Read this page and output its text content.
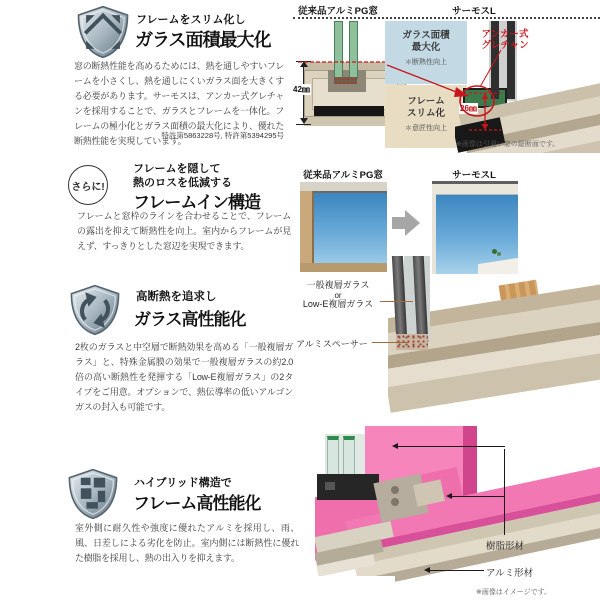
フレームをスリム化し
ガラス面積最大化
窓の断熱性能を高めるためには、熱を通しやすいフレームを小さくし、熱を通しにくいガラス面を大きくする必要があります。サーモスは、アンカー式グレチャンを採用することで、ガラスとフレームを一体化。フレームの極小化とガラス面積の最大化により、優れた断熱性能を実現しています。
特許第5863228号, 特許第5394295号
従来品アルミPG窓	サーモスL
42㎜
ガラス面積
最大化
＊断熱性向上
フレーム
スリム化
＊意匠性向上
アンカー式
グレチャン
26㎜
※画像は引違い窓の縦断面です。
さらに!
フレームを隠して
熱のロスを低減する
フレームイン構造
フレームと窓枠のラインを合わせることで、フレームの露出を抑えて断熱性を向上。室内からフレームが見えず、すっきりとした窓辺を実現できます。
従来品アルミPG窓	サーモスL
高断熱を追求し
ガラス高性能化
2枚のガラスと中空層で断熱効果を高める「一般複層ガラス」と、特殊金属膜の効果で一般複層ガラスの約2.0倍の高い断熱性を発揮する「Low-E複層ガラス」の2タイプをご用意。オプションで、熱伝導率の低いアルゴンガスの封入も可能です。
一般複層ガラス
or
Low-E複層ガラス
アルミスペーサー
ハイブリッド構造で
フレーム高性能化
室外側に耐久性や強度に優れたアルミを採用し、雨、風、日差しによる劣化を防止。室内側には断熱性に優れた樹脂を採用し、熱の出入りを抑えます。
樹脂形材
アルミ形材
※画像はイメージです。
